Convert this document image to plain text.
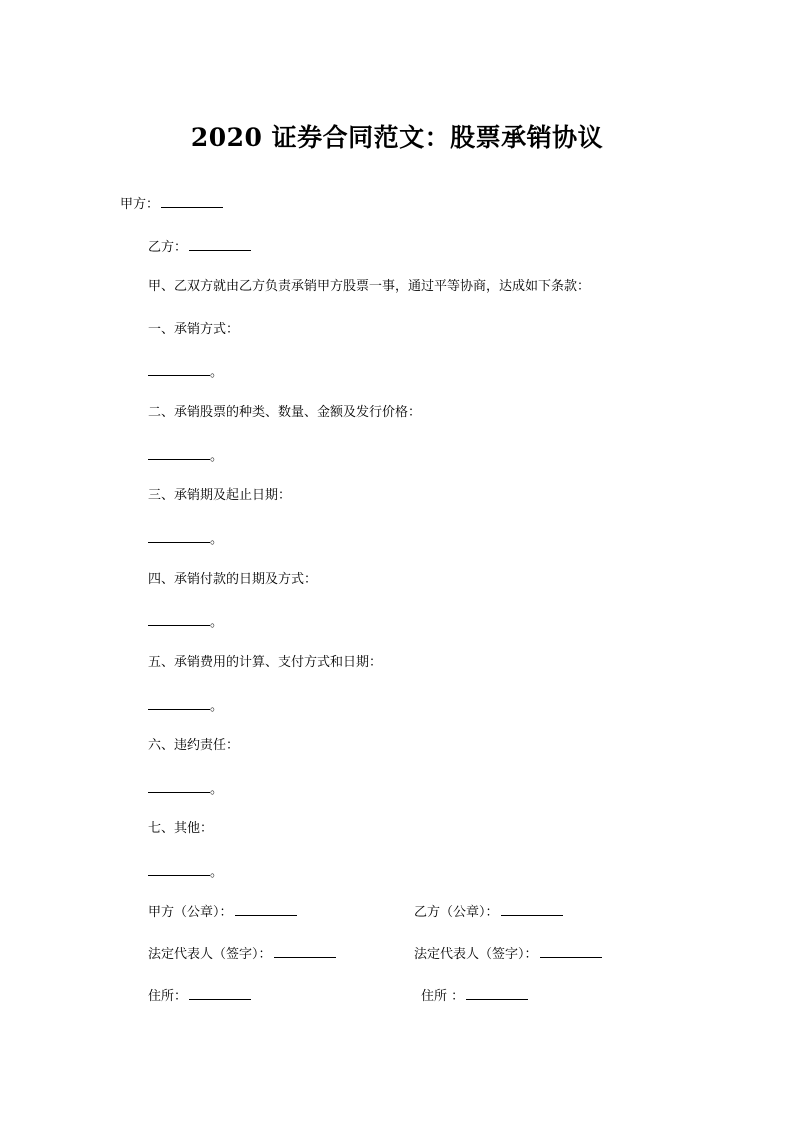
2020 证券合同范文：股票承销协议
甲方：
乙方：
甲、乙双方就由乙方负责承销甲方股票一事，通过平等协商，达成如下条款：
一、承销方式：
。
二、承销股票的种类、数量、金额及发行价格：
。
三、承销期及起止日期：
。
四、承销付款的日期及方式：
。
五、承销费用的计算、支付方式和日期：
。
六、违约责任：
。
七、其他：
。
甲方（公章）：	乙方（公章）：
法定代表人（签字）：	法定代表人（签字）：
住所：	住所 ：
